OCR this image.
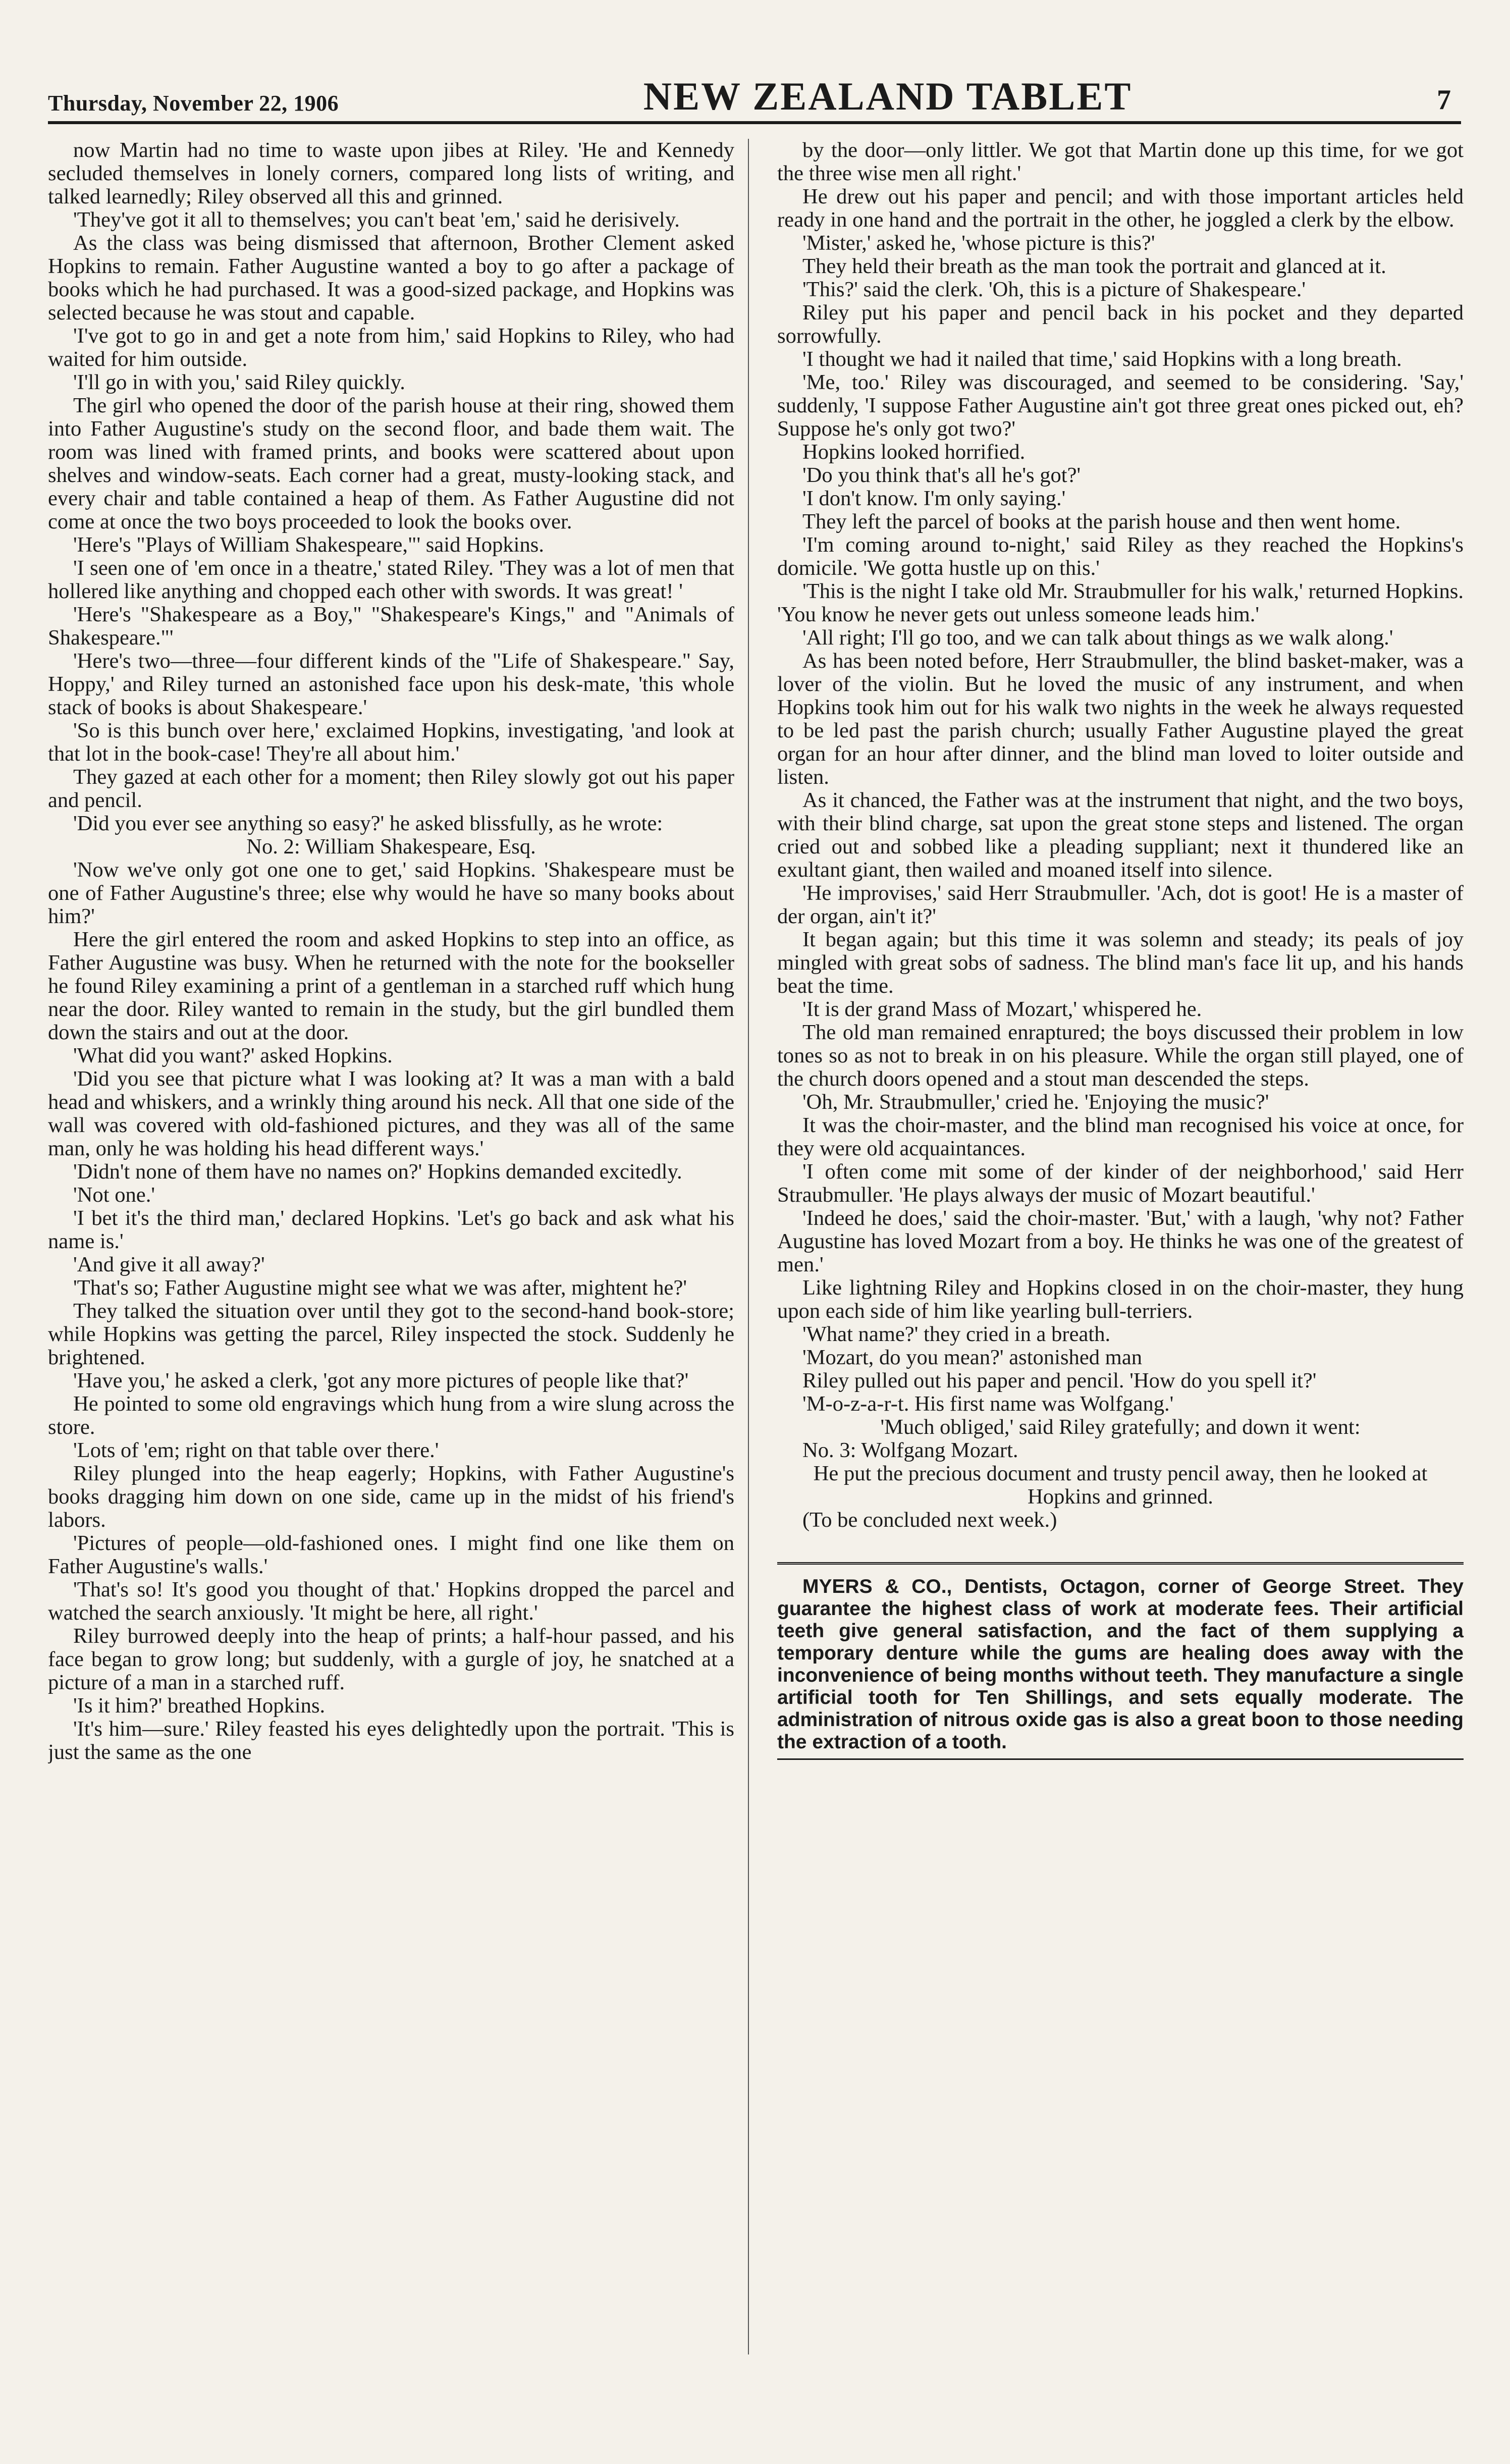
Thursday, November 22, 1906	NEW ZEALAND TABLET	7

now Martin had no time to waste upon jibes at Riley. 'He and Kennedy secluded themselves in lonely corners, compared long lists of writing, and talked learnedly; Riley observed all this and grinned.

'They've got it all to themselves; you can't beat 'em,' said he derisively.

As the class was being dismissed that afternoon, Brother Clement asked Hopkins to remain. Father Augustine wanted a boy to go after a package of books which he had purchased. It was a good-sized package, and Hopkins was selected because he was stout and capable.

'I've got to go in and get a note from him,' said Hopkins to Riley, who had waited for him outside.

'I'll go in with you,' said Riley quickly.

The girl who opened the door of the parish house at their ring, showed them into Father Augustine's study on the second floor, and bade them wait. The room was lined with framed prints, and books were scattered about upon shelves and window-seats. Each corner had a great, musty-looking stack, and every chair and table contained a heap of them. As Father Augustine did not come at once the two boys proceeded to look the books over.

'Here's "Plays of William Shakespeare,"' said Hopkins.

'I seen one of 'em once in a theatre,' stated Riley. 'They was a lot of men that hollered like anything and chopped each other with swords. It was great! '

'Here's "Shakespeare as a Boy," "Shakespeare's Kings," and "Animals of Shakespeare."'

'Here's two—three—four different kinds of the "Life of Shakespeare." Say, Hoppy,' and Riley turned an astonished face upon his desk-mate, 'this whole stack of books is about Shakespeare.'

'So is this bunch over here,' exclaimed Hopkins, investigating, 'and look at that lot in the book-case! They're all about him.'

They gazed at each other for a moment; then Riley slowly got out his paper and pencil.

'Did you ever see anything so easy?' he asked blissfully, as he wrote:

No. 2: William Shakespeare, Esq.

'Now we've only got one one to get,' said Hopkins. 'Shakespeare must be one of Father Augustine's three; else why would he have so many books about him?'

Here the girl entered the room and asked Hopkins to step into an office, as Father Augustine was busy. When he returned with the note for the bookseller he found Riley examining a print of a gentleman in a starched ruff which hung near the door. Riley wanted to remain in the study, but the girl bundled them down the stairs and out at the door.

'What did you want?' asked Hopkins.

'Did you see that picture what I was looking at? It was a man with a bald head and whiskers, and a wrinkly thing around his neck. All that one side of the wall was covered with old-fashioned pictures, and they was all of the same man, only he was holding his head different ways.'

'Didn't none of them have no names on?' Hopkins demanded excitedly.

'Not one.'

'I bet it's the third man,' declared Hopkins. 'Let's go back and ask what his name is.'

'And give it all away?'

'That's so; Father Augustine might see what we was after, mightent he?'

They talked the situation over until they got to the second-hand book-store; while Hopkins was getting the parcel, Riley inspected the stock. Suddenly he brightened.

'Have you,' he asked a clerk, 'got any more pictures of people like that?'

He pointed to some old engravings which hung from a wire slung across the store.

'Lots of 'em; right on that table over there.'

Riley plunged into the heap eagerly; Hopkins, with Father Augustine's books dragging him down on one side, came up in the midst of his friend's labors.

'Pictures of people—old-fashioned ones. I might find one like them on Father Augustine's walls.'

'That's so! It's good you thought of that.' Hopkins dropped the parcel and watched the search anxiously. 'It might be here, all right.'

Riley burrowed deeply into the heap of prints; a half-hour passed, and his face began to grow long; but suddenly, with a gurgle of joy, he snatched at a picture of a man in a starched ruff.

'Is it him?' breathed Hopkins.

'It's him—sure.' Riley feasted his eyes delightedly upon the portrait. 'This is just the same as the one

by the door—only littler. We got that Martin done up this time, for we got the three wise men all right.'

He drew out his paper and pencil; and with those important articles held ready in one hand and the portrait in the other, he joggled a clerk by the elbow.

'Mister,' asked he, 'whose picture is this?'

They held their breath as the man took the portrait and glanced at it.

'This?' said the clerk. 'Oh, this is a picture of Shakespeare.'

Riley put his paper and pencil back in his pocket and they departed sorrowfully.

'I thought we had it nailed that time,' said Hopkins with a long breath.

'Me, too.' Riley was discouraged, and seemed to be considering. 'Say,' suddenly, 'I suppose Father Augustine ain't got three great ones picked out, eh? Suppose he's only got two?'

Hopkins looked horrified.

'Do you think that's all he's got?'

'I don't know. I'm only saying.'

They left the parcel of books at the parish house and then went home.

'I'm coming around to-night,' said Riley as they reached the Hopkins's domicile. 'We gotta hustle up on this.'

'This is the night I take old Mr. Straubmuller for his walk,' returned Hopkins. 'You know he never gets out unless someone leads him.'

'All right; I'll go too, and we can talk about things as we walk along.'

As has been noted before, Herr Straubmuller, the blind basket-maker, was a lover of the violin. But he loved the music of any instrument, and when Hopkins took him out for his walk two nights in the week he always requested to be led past the parish church; usually Father Augustine played the great organ for an hour after dinner, and the blind man loved to loiter outside and listen.

As it chanced, the Father was at the instrument that night, and the two boys, with their blind charge, sat upon the great stone steps and listened. The organ cried out and sobbed like a pleading suppliant; next it thundered like an exultant giant, then wailed and moaned itself into silence.

'He improvises,' said Herr Straubmuller. 'Ach, dot is goot! He is a master of der organ, ain't it?'

It began again; but this time it was solemn and steady; its peals of joy mingled with great sobs of sadness. The blind man's face lit up, and his hands beat the time.

'It is der grand Mass of Mozart,' whispered he.

The old man remained enraptured; the boys discussed their problem in low tones so as not to break in on his pleasure. While the organ still played, one of the church doors opened and a stout man descended the steps.

'Oh, Mr. Straubmuller,' cried he. 'Enjoying the music?'

It was the choir-master, and the blind man recognised his voice at once, for they were old acquaintances.

'I often come mit some of der kinder of der neighborhood,' said Herr Straubmuller. 'He plays always der music of Mozart beautiful.'

'Indeed he does,' said the choir-master. 'But,' with a laugh, 'why not? Father Augustine has loved Mozart from a boy. He thinks he was one of the greatest of men.'

Like lightning Riley and Hopkins closed in on the choir-master, they hung upon each side of him like yearling bull-terriers.

'What name?' they cried in a breath.

'Mozart, do you mean?' astonished man

Riley pulled out his paper and pencil. 'How do you spell it?'

'M-o-z-a-r-t. His first name was Wolfgang.'

'Much obliged,' said Riley gratefully; and down it went:

No. 3: Wolfgang Mozart.

He put the precious document and trusty pencil away, then he looked at Hopkins and grinned.

(To be concluded next week.)

MYERS & CO., Dentists, Octagon, corner of George Street. They guarantee the highest class of work at moderate fees. Their artificial teeth give general satisfaction, and the fact of them supplying a temporary denture while the gums are healing does away with the inconvenience of being months without teeth. They manufacture a single artificial tooth for Ten Shillings, and sets equally moderate. The administration of nitrous oxide gas is also a great boon to those needing the extraction of a tooth.
